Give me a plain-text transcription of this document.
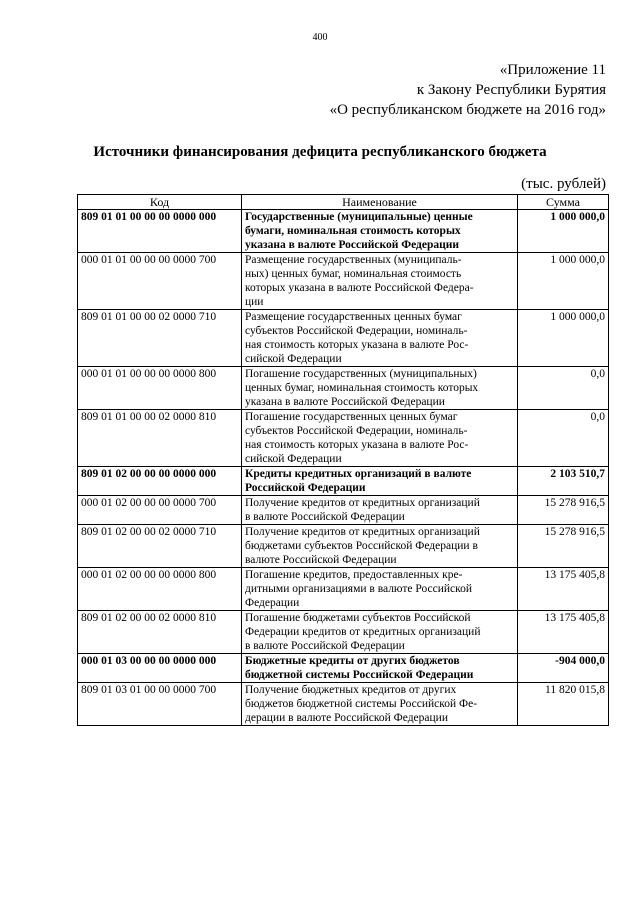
400
«Приложение 11
к Закону Республики Бурятия
«О республиканском бюджете на 2016 год»
Источники финансирования дефицита республиканского бюджета
(тыс. рублей)
Код	Наименование	Сумма
809 01 01 00 00 00 0000 000	Государственные (муниципальные) ценные
бумаги, номинальная стоимость которых
указана в валюте Российской Федерации	1 000 000,0
000 01 01 00 00 00 0000 700	Размещение государственных (муниципаль-
ных) ценных бумаг, номинальная стоимость
которых указана в валюте Российской Федера-
ции	1 000 000,0
809 01 01 00 00 02 0000 710	Размещение государственных ценных бумаг
субъектов Российской Федерации, номиналь-
ная стоимость которых указана в валюте Рос-
сийской Федерации	1 000 000,0
000 01 01 00 00 00 0000 800	Погашение государственных (муниципальных)
ценных бумаг, номинальная стоимость которых
указана в валюте Российской Федерации	0,0
809 01 01 00 00 02 0000 810	Погашение государственных ценных бумаг
субъектов Российской Федерации, номиналь-
ная стоимость которых указана в валюте Рос-
сийской Федерации	0,0
809 01 02 00 00 00 0000 000	Кредиты кредитных организаций в валюте
Российской Федерации	2 103 510,7
000 01 02 00 00 00 0000 700	Получение кредитов от кредитных организаций
в валюте Российской Федерации	15 278 916,5
809 01 02 00 00 02 0000 710	Получение кредитов от кредитных организаций
бюджетами субъектов Российской Федерации в
валюте Российской Федерации	15 278 916,5
000 01 02 00 00 00 0000 800	Погашение кредитов, предоставленных кре-
дитными организациями в валюте Российской
Федерации	13 175 405,8
809 01 02 00 00 02 0000 810	Погашение бюджетами субъектов Российской
Федерации кредитов от кредитных организаций
в валюте Российской Федерации	13 175 405,8
000 01 03 00 00 00 0000 000	Бюджетные кредиты от других бюджетов
бюджетной системы Российской Федерации	-904 000,0
809 01 03 01 00 00 0000 700	Получение бюджетных кредитов от других
бюджетов бюджетной системы Российской Фе-
дерации в валюте Российской Федерации	11 820 015,8
